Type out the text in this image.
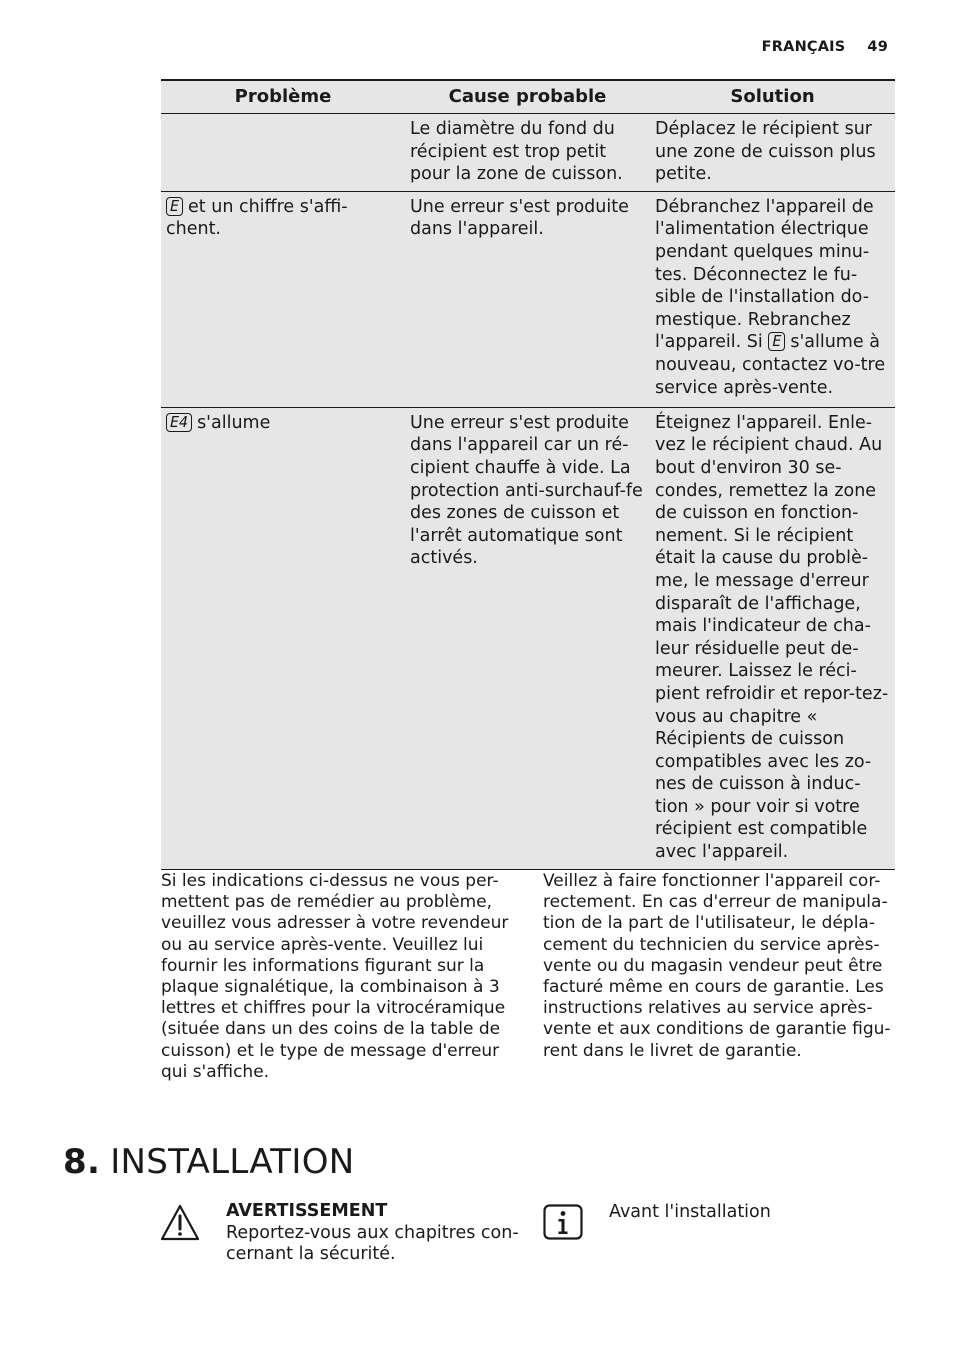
FRANÇAIS 49
Problème	Cause probable	Solution
	Le diamètre du fond du récipient est trop petit pour la zone de cuisson.	Déplacez le récipient sur une zone de cuisson plus petite.
E et un chiffre s'affi-chent.	Une erreur s'est produite dans l'appareil.	Débranchez l'appareil de l'alimentation électrique pendant quelques minu-tes. Déconnectez le fu-sible de l'installation do-mestique. Rebranchez l'appareil. Si E s'allume à nouveau, contactez vo-tre service après-vente.
E4 s'allume	Une erreur s'est produite dans l'appareil car un ré-cipient chauffe à vide. La protection anti-surchauf-fe des zones de cuisson et l'arrêt automatique sont activés.	Éteignez l'appareil. Enle-vez le récipient chaud. Au bout d'environ 30 se-condes, remettez la zone de cuisson en fonction-nement. Si le récipient était la cause du problè-me, le message d'erreur disparaît de l'affichage, mais l'indicateur de cha-leur résiduelle peut de-meurer. Laissez le réci-pient refroidir et repor-tez-vous au chapitre « Récipients de cuisson compatibles avec les zo-nes de cuisson à induc-tion » pour voir si votre récipient est compatible avec l'appareil.
Si les indications ci-dessus ne vous per-mettent pas de remédier au problème, veuillez vous adresser à votre revendeur ou au service après-vente. Veuillez lui fournir les informations figurant sur la plaque signalétique, la combinaison à 3 lettres et chiffres pour la vitrocéramique (située dans un des coins de la table de cuisson) et le type de message d'erreur qui s'affiche.
Veillez à faire fonctionner l'appareil cor-rectement. En cas d'erreur de manipula-tion de la part de l'utilisateur, le dépla-cement du technicien du service après-vente ou du magasin vendeur peut être facturé même en cours de garantie. Les instructions relatives au service après-vente et aux conditions de garantie figu-rent dans le livret de garantie.
8. INSTALLATION
AVERTISSEMENT
Reportez-vous aux chapitres con-cernant la sécurité.
Avant l'installation
